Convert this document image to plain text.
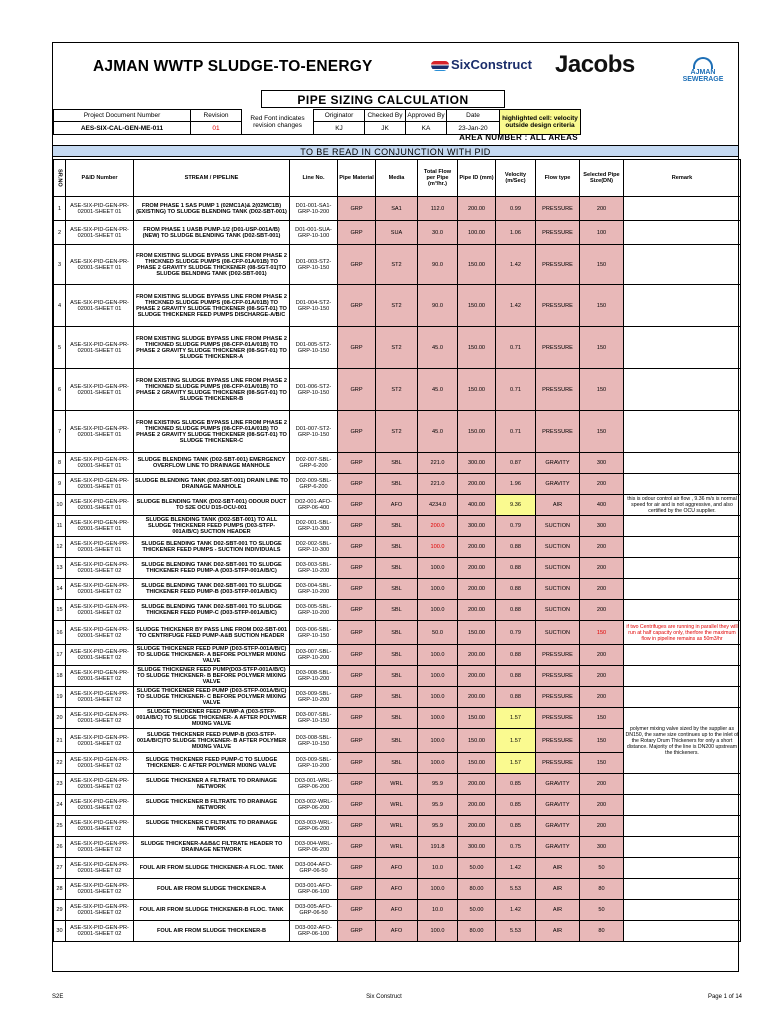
AJMAN WWTP SLUDGE-TO-ENERGY	SixConstruct Jacobs	AJMAN SEWERAGE
PIPE SIZING CALCULATION
Project Document Number	Revision	Red Font indicates revision changes	Originator	Checked By	Approved By	Date	highlighted cell: velocity outside design criteria	
AES-SIX-CAL-GEN-ME-011	01		KJ	JK	KA	23-Jan-20		
AREA NUMBER : ALL AREAS
TO BE READ IN CONJUNCTION WITH PID
SR.NO	P&ID Number	STREAM / PIPELINE	Line No.	Pipe Material	Media	Total Flow per Pipe (m³/hr.)	Pipe ID (mm)	Velocity (m/Sec)	Flow type	Selected Pipe Size(DN)	Remark
1	ASE-SIX-PID-GEN-PR-02001-SHEET 01	FROM PHASE 1 SAS PUMP 1 (02MC1A)& 2(02MC1B) (EXISTING) TO SLUDGE BLENDING TANK (D02-SBT-001)	D01-001-SA1-GRP-10-200	GRP	SA1	112.0	200.00	0.99	PRESSURE	200	
2	ASE-SIX-PID-GEN-PR-02001-SHEET 01	FROM PHASE 1 UASB PUMP-1/2 (D01-USP-001A/B) (NEW) TO SLUDGE BLENDING TANK (D02-SBT-001)	D01-001-SUA-GRP-10-100	GRP	SUA	30.0	100.00	1.06	PRESSURE	100	
3	ASE-SIX-PID-GEN-PR-02001-SHEET 01	FROM EXISTING SLUDGE BYPASS LINE FROM PHASE 2 THICKNED SLUDGE PUMPS (08-CFP-01A/01B) TO PHASE 2 GRAVITY SLUDGE THICKENER (08-SGT-01)TO SLUDGE BELNDING TANK (D02-SBT-001)	D01-003-ST2-GRP-10-150	GRP	ST2	90.0	150.00	1.42	PRESSURE	150	
4	ASE-SIX-PID-GEN-PR-02001-SHEET 01	FROM EXISTING SLUDGE BYPASS LINE FROM PHASE 2 THICKNED SLUDGE PUMPS (08-CFP-01A/01B) TO PHASE 2 GRAVITY SLUDGE THICKENER (08-SGT-01) TO SLUDGE THICKENER FEED PUMPS DISCHARGE-A/B/C	D01-004-ST2-GRP-10-150	GRP	ST2	90.0	150.00	1.42	PRESSURE	150	
5	ASE-SIX-PID-GEN-PR-02001-SHEET 01	FROM EXISTING SLUDGE BYPASS LINE FROM PHASE 2 THICKNED SLUDGE PUMPS (08-CFP-01A/01B) TO PHASE 2 GRAVITY SLUDGE THICKENER (08-SGT-01) TO SLUDGE THICKENER-A	D01-005-ST2-GRP-10-150	GRP	ST2	45.0	150.00	0.71	PRESSURE	150	
6	ASE-SIX-PID-GEN-PR-02001-SHEET 01	FROM EXISTING SLUDGE BYPASS LINE FROM PHASE 2 THICKNED SLUDGE PUMPS (08-CFP-01A/01B) TO PHASE 2 GRAVITY SLUDGE THICKENER (08-SGT-01) TO SLUDGE THICKENER-B	D01-006-ST2-GRP-10-150	GRP	ST2	45.0	150.00	0.71	PRESSURE	150	
7	ASE-SIX-PID-GEN-PR-02001-SHEET 01	FROM EXISTING SLUDGE BYPASS LINE FROM PHASE 2 THICKNED SLUDGE PUMPS (08-CFP-01A/01B) TO PHASE 2 GRAVITY SLUDGE THICKENER (08-SGT-01) TO SLUDGE THICKENER-C	D01-007-ST2-GRP-10-150	GRP	ST2	45.0	150.00	0.71	PRESSURE	150	
8	ASE-SIX-PID-GEN-PR-02001-SHEET 01	SLUDGE BLENDING TANK (D02-SBT-001) EMERGENCY OVERFLOW LINE TO DRAINAGE MANHOLE	D02-007-SBL-GRP-6-200	GRP	SBL	221.0	300.00	0.87	GRAVITY	300	
9	ASE-SIX-PID-GEN-PR-02001-SHEET 01	SLUDGE BLENDING TANK (D02-SBT-001) DRAIN LINE TO DRAINAGE MANHOLE	D02-009-SBL-GRP-6-200	GRP	SBL	221.0	200.00	1.96	GRAVITY	200	
10	ASE-SIX-PID-GEN-PR-02001-SHEET 01	SLUDGE BLENDING TANK (D02-SBT-001) ODOUR DUCT TO S2E OCU D15-OCU-001	D02-001-AFO-GRP-06-400	GRP	AFO	4234.0	400.00	9.36	AIR	400	this is odour control air flow , 9.36 m/s is normal speed for air and is not aggressive, and also certified by the OCU supplier.
11	ASE-SIX-PID-GEN-PR-02001-SHEET 01	SLUDGE BLENDING TANK (D02-SBT-001) TO ALL SLUDGE THICKENER FEED PUMPS (D03-STFP-001A/B/C) SUCTION HEADER	D02-001-SBL-GRP-10-300	GRP	SBL	200.0	300.00	0.79	SUCTION	300	
12	ASE-SIX-PID-GEN-PR-02001-SHEET 01	SLUDGE BLENDING TANK D02-SBT-001 TO SLUDGE THICKENER FEED PUMPS - SUCTION INDIVIDUALS	D02-002-SBL-GRP-10-300	GRP	SBL	100.0	200.00	0.88	SUCTION	200	
13	ASE-SIX-PID-GEN-PR-02001-SHEET 02	SLUDGE BLENDING TANK D02-SBT-001 TO SLUDGE THICKENER FEED PUMP-A (D03-STFP-001A/B/C)	D03-003-SBL-GRP-10-200	GRP	SBL	100.0	200.00	0.88	SUCTION	200	
14	ASE-SIX-PID-GEN-PR-02001-SHEET 02	SLUDGE BLENDING TANK D02-SBT-001 TO SLUDGE THICKENER FEED PUMP-B (D03-STFP-001A/B/C)	D03-004-SBL-GRP-10-200	GRP	SBL	100.0	200.00	0.88	SUCTION	200	
15	ASE-SIX-PID-GEN-PR-02001-SHEET 02	SLUDGE BLENDING TANK D02-SBT-001 TO SLUDGE THICKENER FEED PUMP-C (D03-STFP-001A/B/C)	D03-005-SBL-GRP-10-200	GRP	SBL	100.0	200.00	0.88	SUCTION	200	
16	ASE-SIX-PID-GEN-PR-02001-SHEET 02	SLUDGE THICKENER BY PASS LINE FROM D02-SBT-001 TO CENTRIFUGE FEED PUMP-A&B SUCTION HEADER	D03-006-SBL-GRP-10-150	GRP	SBL	50.0	150.00	0.79	SUCTION	150	if two Centrifuges are running in parallel they will run at half capacity only, therfore the maximum flow in pipeline remains as 50m3/hr
17	ASE-SIX-PID-GEN-PR-02001-SHEET 02	SLUDGE THICKENER FEED PUMP (D03-STFP-001A/B/C) TO SLUDGE THICKENER- A BEFORE POLYMER MIXING VALVE	D03-007-SBL-GRP-10-200	GRP	SBL	100.0	200.00	0.88	PRESSURE	200	
18	ASE-SIX-PID-GEN-PR-02001-SHEET 02	SLUDGE THICKENER FEED PUMP(D03-STFP-001A/B/C) TO SLUDGE THICKENER- B BEFORE POLYMER MIXING VALVE	D03-008-SBL-GRP-10-200	GRP	SBL	100.0	200.00	0.88	PRESSURE	200	
19	ASE-SIX-PID-GEN-PR-02001-SHEET 02	SLUDGE THICKENER FEED PUMP (D03-STFP-001A/B/C) TO SLUDGE THICKENER- C BEFORE POLYMER MIXING VALVE	D03-009-SBL-GRP-10-200	GRP	SBL	100.0	200.00	0.88	PRESSURE	200	
20	ASE-SIX-PID-GEN-PR-02001-SHEET 02	SLUDGE THICKENER FEED PUMP-A (D03-STFP-001A/B/C) TO SLUDGE THICKENER- A AFTER POLYMER MIXING VALVE	D03-007-SBL-GRP-10-150	GRP	SBL	100.0	150.00	1.57	PRESSURE	150	polymer mixing valve sized by the supplier as DN150, the same size continues up to the inlet of the Rotary Drum Thickeners for only a short distance. Majority of the line is DN200 upstream the thickeners.
21	ASE-SIX-PID-GEN-PR-02001-SHEET 02	SLUDGE THICKENER FEED PUMP-B (D03-STFP-001A/B/C)TO SLUDGE THICKENER- B AFTER POLYMER MIXING VALVE	D03-008-SBL-GRP-10-150	GRP	SBL	100.0	150.00	1.57	PRESSURE	150	
22	ASE-SIX-PID-GEN-PR-02001-SHEET 02	SLUDGE THICKENER FEED PUMP-C TO SLUDGE THICKENER- C AFTER POLYMER MIXING VALVE	D03-009-SBL-GRP-10-200	GRP	SBL	100.0	150.00	1.57	PRESSURE	150	
23	ASE-SIX-PID-GEN-PR-02001-SHEET 02	SLUDGE THICKENER A FILTRATE TO DRAINAGE NETWORK	D03-001-WRL-GRP-06-200	GRP	WRL	95.9	200.00	0.85	GRAVITY	200	
24	ASE-SIX-PID-GEN-PR-02001-SHEET 02	SLUDGE THICKENER B FILTRATE TO DRAINAGE NETWORK	D03-002-WRL-GRP-06-200	GRP	WRL	95.9	200.00	0.85	GRAVITY	200	
25	ASE-SIX-PID-GEN-PR-02001-SHEET 02	SLUDGE THICKENER C FILTRATE TO DRAINAGE NETWORK	D03-003-WRL-GRP-06-200	GRP	WRL	95.9	200.00	0.85	GRAVITY	200	
26	ASE-SIX-PID-GEN-PR-02001-SHEET 02	SLUDGE THICKENER-A&B&C FILTRATE HEADER TO DRAINAGE NETWORK	D03-004-WRL-GRP-06-200	GRP	WRL	191.8	300.00	0.75	GRAVITY	300	
27	ASE-SIX-PID-GEN-PR-02001-SHEET 02	FOUL AIR FROM SLUDGE THICKENER-A FLOC. TANK	D03-004-AFO-GRP-06-50	GRP	AFO	10.0	50.00	1.42	AIR	50	
28	ASE-SIX-PID-GEN-PR-02001-SHEET 02	FOUL AIR FROM SLUDGE THICKENER-A	D03-001-AFO-GRP-06-100	GRP	AFO	100.0	80.00	5.53	AIR	80	
29	ASE-SIX-PID-GEN-PR-02001-SHEET 02	FOUL AIR FROM SLUDGE THICKENER-B FLOC. TANK	D03-005-AFO-GRP-06-50	GRP	AFO	10.0	50.00	1.42	AIR	50	
30	ASE-SIX-PID-GEN-PR-02001-SHEET 02	FOUL AIR FROM SLUDGE THICKENER-B	D03-002-AFO-GRP-06-100	GRP	AFO	100.0	80.00	5.53	AIR	80	
S2E	Six Construct	Page 1 of 14
